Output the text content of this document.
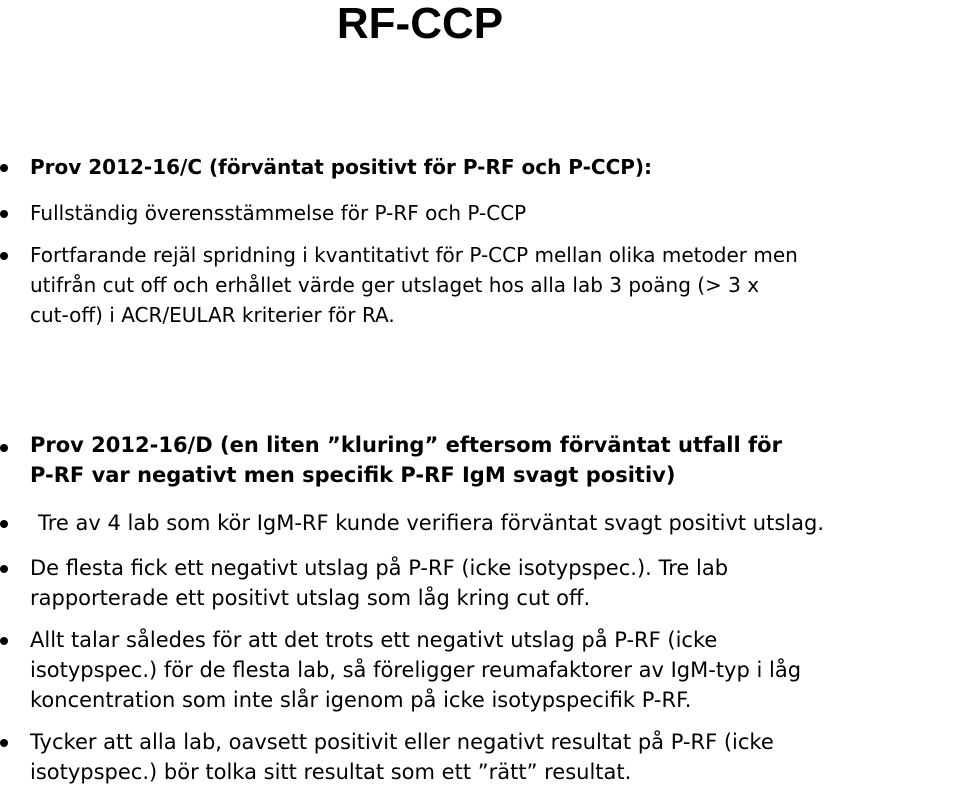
RF-CCP
Prov 2012-16/C (förväntat positivt för P-RF och P-CCP):
Fullständig överensstämmelse för P-RF och P-CCP
Fortfarande rejäl spridning i kvantitativt för P-CCP mellan olika metoder men
utifrån cut off och erhållet värde ger utslaget hos alla lab 3 poäng (> 3 x
cut-off) i ACR/EULAR kriterier för RA.
Prov 2012-16/D (en liten ”kluring” eftersom förväntat utfall för
P-RF var negativt men specifik P-RF IgM svagt positiv)
Tre av 4 lab som kör IgM-RF kunde verifiera förväntat svagt positivt utslag.
De flesta fick ett negativt utslag på P-RF (icke isotypspec.). Tre lab
rapporterade ett positivt utslag som låg kring cut off.
Allt talar således för att det trots ett negativt utslag på P-RF (icke
isotypspec.) för de flesta lab, så föreligger reumafaktorer av IgM-typ i låg
koncentration som inte slår igenom på icke isotypspecifik P-RF.
Tycker att alla lab, oavsett positivit eller negativt resultat på P-RF (icke
isotypspec.) bör tolka sitt resultat som ett ”rätt” resultat.
